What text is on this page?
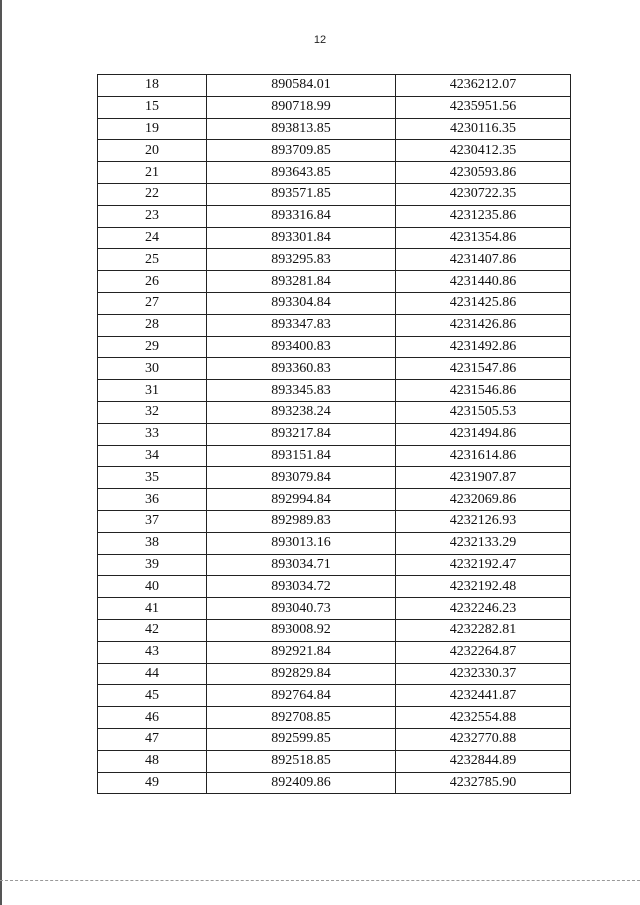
12
18	890584.01	4236212.07
15	890718.99	4235951.56
19	893813.85	4230116.35
20	893709.85	4230412.35
21	893643.85	4230593.86
22	893571.85	4230722.35
23	893316.84	4231235.86
24	893301.84	4231354.86
25	893295.83	4231407.86
26	893281.84	4231440.86
27	893304.84	4231425.86
28	893347.83	4231426.86
29	893400.83	4231492.86
30	893360.83	4231547.86
31	893345.83	4231546.86
32	893238.24	4231505.53
33	893217.84	4231494.86
34	893151.84	4231614.86
35	893079.84	4231907.87
36	892994.84	4232069.86
37	892989.83	4232126.93
38	893013.16	4232133.29
39	893034.71	4232192.47
40	893034.72	4232192.48
41	893040.73	4232246.23
42	893008.92	4232282.81
43	892921.84	4232264.87
44	892829.84	4232330.37
45	892764.84	4232441.87
46	892708.85	4232554.88
47	892599.85	4232770.88
48	892518.85	4232844.89
49	892409.86	4232785.90
